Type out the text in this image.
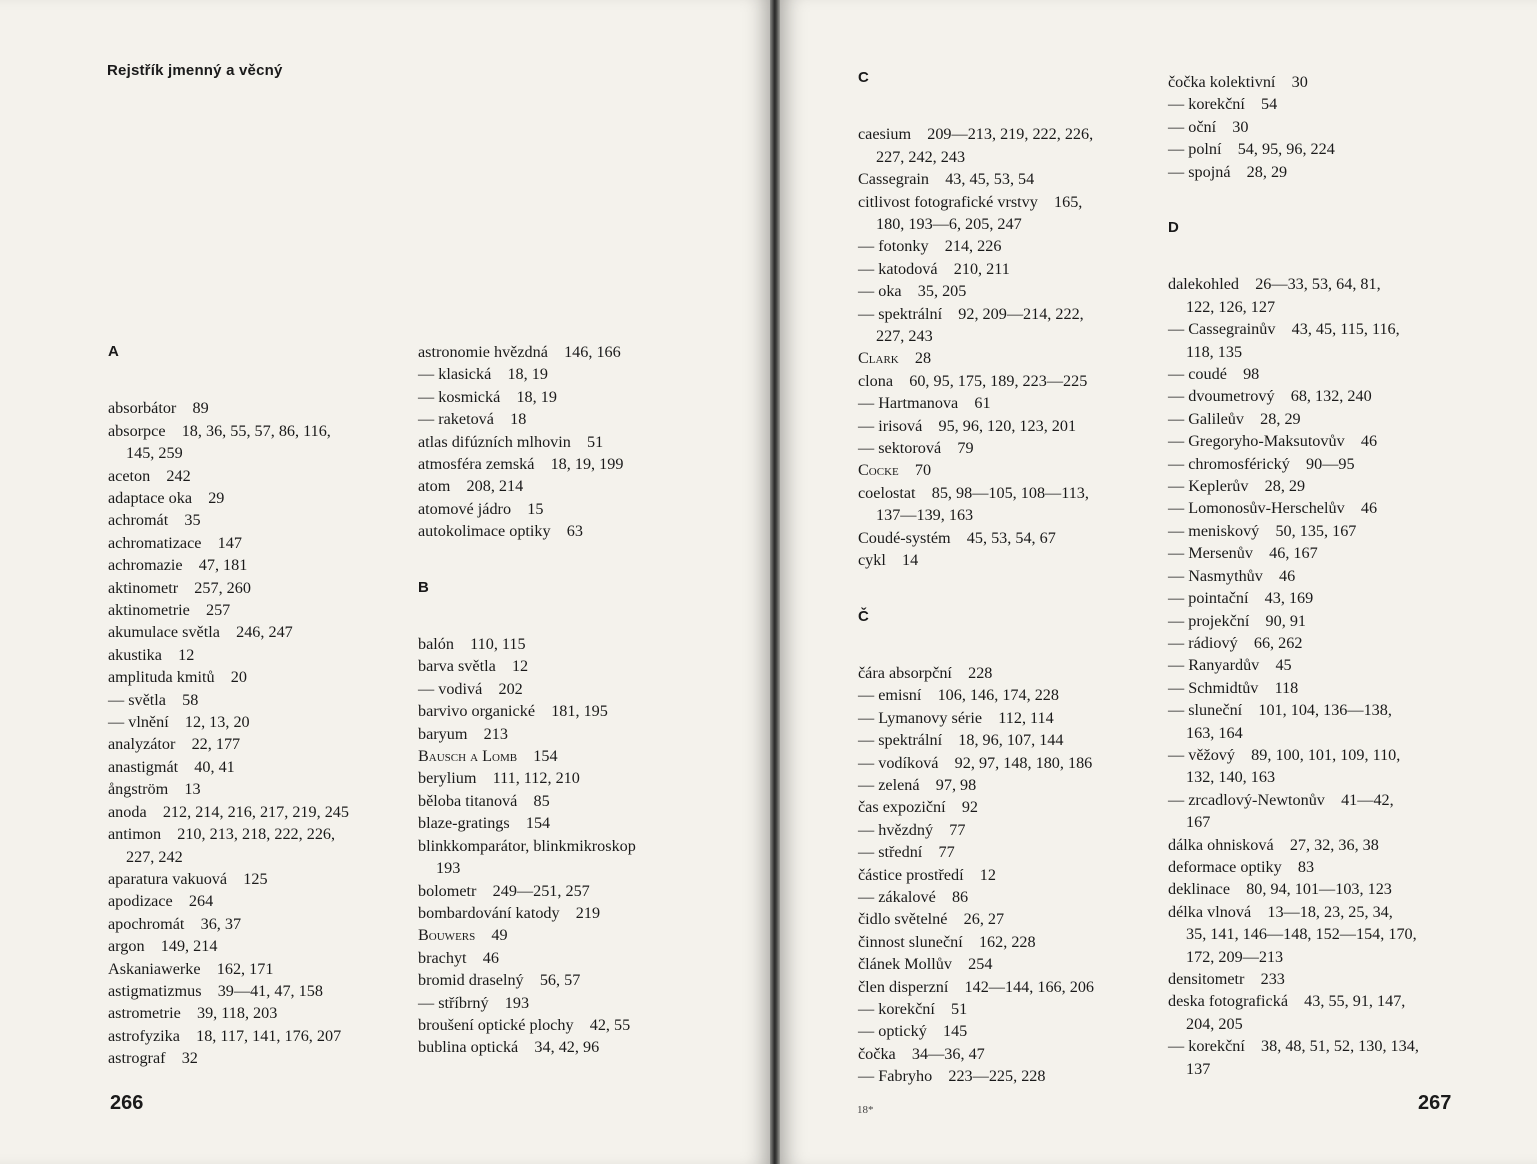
Rejstřík jmenný a věcný
A

absorbátor  89

absorpce  18, 36, 55, 57, 86, 116,
145, 259

aceton  242

adaptace oka  29

achromát  35

achromatizace  147

achromazie  47, 181

aktinometr  257, 260

aktinometrie  257

akumulace světla  246, 247

akustika  12

amplituda kmitů  20

— světla  58

— vlnění  12, 13, 20

analyzátor  22, 177

anastigmát  40, 41

ångström  13

anoda  212, 214, 216, 217, 219, 245

antimon  210, 213, 218, 222, 226,
227, 242

aparatura vakuová  125

apodizace  264

apochromát  36, 37

argon  149, 214

Askaniawerke  162, 171

astigmatizmus  39—41, 47, 158

astrometrie  39, 118, 203

astrofyzika  18, 117, 141, 176, 207

astrograf  32

astronomie hvězdná  146, 166

— klasická  18, 19

— kosmická  18, 19

— raketová  18

atlas difúzních mlhovin  51

atmosféra zemská  18, 19, 199

atom  208, 214

atomové jádro  15

autokolimace optiky  63

B

balón  110, 115

barva světla  12

— vodivá  202

barvivo organické  181, 195

baryum  213

Bausch a Lomb  154

berylium  111, 112, 210

běloba titanová  85

blaze-gratings  154

blinkkomparátor, blinkmikroskop
193

bolometr  249—251, 257

bombardování katody  219

Bouwers  49

brachyt  46

bromid draselný  56, 57

— stříbrný  193

broušení optické plochy  42, 55

bublina optická  34, 42, 96

266
C

caesium  209—213, 219, 222, 226,
227, 242, 243

Cassegrain  43, 45, 53, 54

citlivost fotografické vrstvy  165,
180, 193—6, 205, 247

— fotonky  214, 226

— katodová  210, 211

— oka  35, 205

— spektrální  92, 209—214, 222,
227, 243

Clark  28

clona  60, 95, 175, 189, 223—225

— Hartmanova  61

— irisová  95, 96, 120, 123, 201

— sektorová  79

Cocke  70

coelostat  85, 98—105, 108—113,
137—139, 163

Coudé-systém  45, 53, 54, 67

cykl  14

Č

čára absorpční  228

— emisní  106, 146, 174, 228

— Lymanovy série  112, 114

— spektrální  18, 96, 107, 144

— vodíková  92, 97, 148, 180, 186

— zelená  97, 98

čas expoziční  92

— hvězdný  77

— střední  77

částice prostředí  12

— zákalové  86

čidlo světelné  26, 27

činnost sluneční  162, 228

článek Mollův  254

člen disperzní  142—144, 166, 206

— korekční  51

— optický  145

čočka  34—36, 47

— Fabryho  223—225, 228

čočka kolektivní  30

— korekční  54

— oční  30

— polní  54, 95, 96, 224

— spojná  28, 29

D

dalekohled  26—33, 53, 64, 81,
122, 126, 127

— Cassegrainův  43, 45, 115, 116,
118, 135

— coudé  98

— dvoumetrový  68, 132, 240

— Galileův  28, 29

— Gregoryho-Maksutovův  46

— chromosférický  90—95

— Keplerův  28, 29

— Lomonosův-Herschelův  46

— meniskový  50, 135, 167

— Mersenův  46, 167

— Nasmythův  46

— pointační  43, 169

— projekční  90, 91

— rádiový  66, 262

— Ranyardův  45

— Schmidtův  118

— sluneční  101, 104, 136—138,
163, 164

— věžový  89, 100, 101, 109, 110,
132, 140, 163

— zrcadlový-Newtonův  41—42,
167

dálka ohnisková  27, 32, 36, 38

deformace optiky  83

deklinace  80, 94, 101—103, 123

délka vlnová  13—18, 23, 25, 34,
35, 141, 146—148, 152—154, 170,
172, 209—213

densitometr  233

deska fotografická  43, 55, 91, 147,
204, 205

— korekční  38, 48, 51, 52, 130, 134,
137

267
18*
